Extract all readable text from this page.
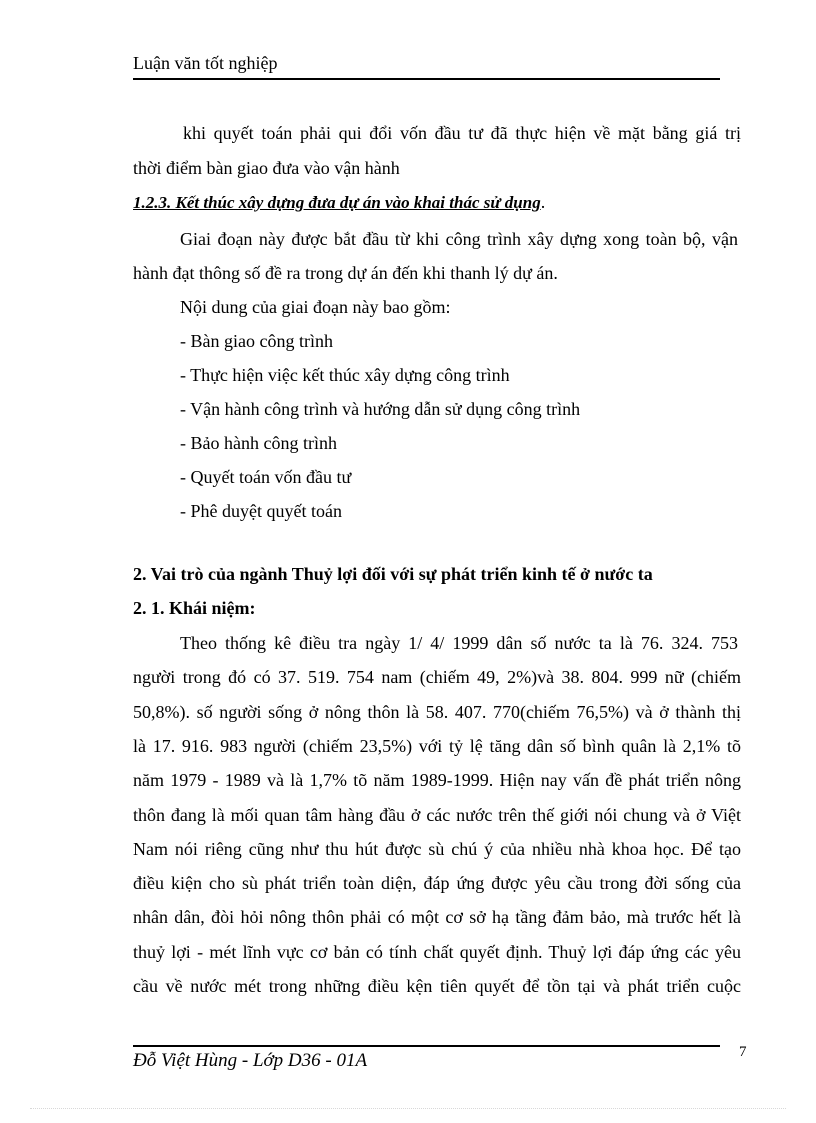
Luận văn tốt nghiệp
khi quyết toán phải qui đổi vốn đầu tư đã thực hiện về mặt bằng giá trị
thời điểm bàn giao đưa vào vận hành
1.2.3. Kết thúc xây dựng đưa dự án vào khai thác sử dụng.
Giai đoạn này được bắt đầu từ khi công trình xây dựng xong toàn bộ, vận
hành đạt thông số đề ra trong dự án đến khi thanh lý dự án.
Nội dung của giai đoạn này bao gồm:
- Bàn giao công trình
- Thực hiện việc kết thúc xây dựng công trình
- Vận hành công trình và hướng dẫn sử dụng công trình
- Bảo hành công trình
- Quyết toán vốn đầu tư
- Phê duyệt quyết toán
2. Vai trò của ngành Thuỷ lợi đối với sự phát triển kinh tế ở nước ta
2. 1. Khái niệm:
Theo thống kê điều tra ngày 1/ 4/ 1999 dân số nước ta là 76. 324. 753
người trong đó có 37. 519. 754 nam (chiếm 49, 2%)và 38. 804. 999 nữ (chiếm
50,8%). số người sống ở nông thôn là 58. 407. 770(chiếm 76,5%) và ở thành thị
là 17. 916. 983 người (chiếm 23,5%) với tỷ lệ tăng dân số bình quân là 2,1% tõ
năm 1979 - 1989 và là 1,7% tõ năm 1989-1999. Hiện nay vấn đề phát triển nông
thôn đang là mối quan tâm hàng đầu ở các nước trên thế giới nói chung và ở Việt
Nam nói riêng cũng như thu hút được sù chú ý của nhiều nhà khoa học. Để tạo
điều kiện cho sù phát triển toàn diện, đáp ứng được yêu cầu trong đời sống của
nhân dân, đòi hỏi nông thôn phải có một cơ sở hạ tầng đảm bảo, mà trước hết là
thuỷ lợi - mét lĩnh vực cơ bản có tính chất quyết định. Thuỷ lợi đáp ứng các yêu
cầu về nước mét trong những điều kện tiên quyết để tồn tại và phát triển cuộc
Đỗ Việt Hùng - Lớp D36 - 01A	7
